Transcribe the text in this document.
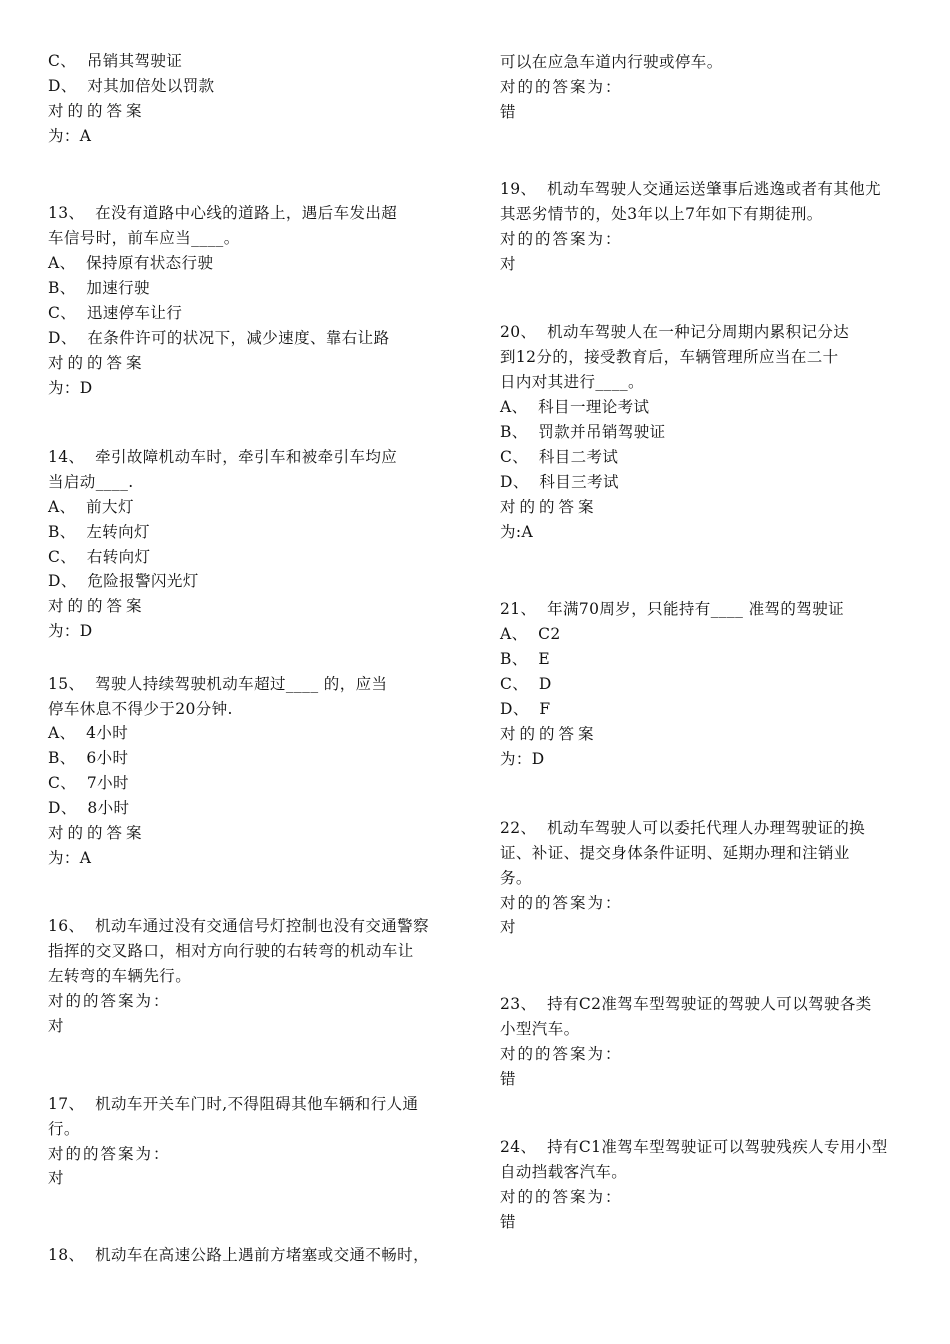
C、  吊销其驾驶证
D、  对其加倍处以罚款
对的的答案
为：A
13、  在没有道路中心线的道路上，遇后车发出超
车信号时，前车应当____。
A、  保持原有状态行驶
B、  加速行驶
C、  迅速停车让行
D、  在条件许可的状况下，减少速度、靠右让路
对的的答案
为：D
14、  牵引故障机动车时，牵引车和被牵引车均应
当启动____.
A、  前大灯
B、  左转向灯
C、  右转向灯
D、  危险报警闪光灯
对的的答案
为：D
15、  驾驶人持续驾驶机动车超过____ 的，应当
停车休息不得少于20分钟.
A、  4小时
B、  6小时
C、  7小时
D、  8小时
对的的答案
为：A
16、  机动车通过没有交通信号灯控制也没有交通警察
指挥的交叉路口，相对方向行驶的右转弯的机动车让
左转弯的车辆先行。
对的的答案为：
对
17、  机动车开关车门时,不得阻碍其他车辆和行人通
行。
对的的答案为：
对
18、  机动车在高速公路上遇前方堵塞或交通不畅时，
可以在应急车道内行驶或停车。
对的的答案为：
错
19、  机动车驾驶人交通运送肇事后逃逸或者有其他尤
其恶劣情节的，处3年以上7年如下有期徒刑。
对的的答案为：
对
20、  机动车驾驶人在一种记分周期内累积记分达
到12分的，接受教育后，车辆管理所应当在二十
日内对其进行____。
A、  科目一理论考试
B、  罚款并吊销驾驶证
C、  科目二考试
D、  科目三考试
对的的答案
为:A
21、  年满70周岁，只能持有____ 准驾的驾驶证
A、  C2
B、  E
C、  D
D、  F
对的的答案
为：D
22、  机动车驾驶人可以委托代理人办理驾驶证的换
证、补证、提交身体条件证明、延期办理和注销业
务。
对的的答案为：
对
23、  持有C2准驾车型驾驶证的驾驶人可以驾驶各类
小型汽车。
对的的答案为：
错
24、  持有C1准驾车型驾驶证可以驾驶残疾人专用小型
自动挡载客汽车。
对的的答案为：
错
